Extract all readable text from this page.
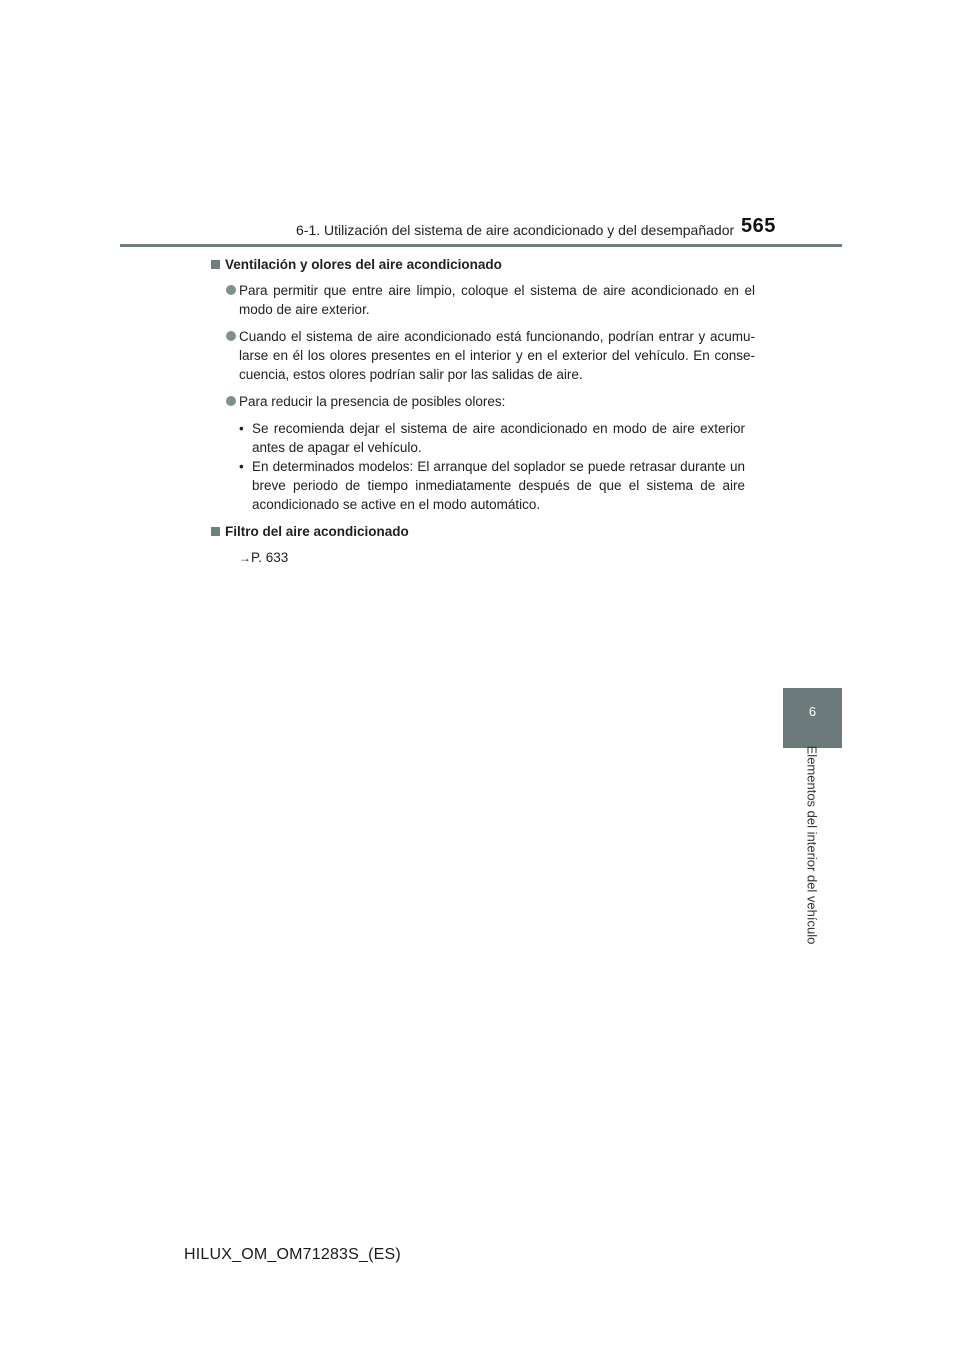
6-1. Utilización del sistema de aire acondicionado y del desempañador 565
6
Elementos del interior del vehículo
Ventilación y olores del aire acondicionado
Para permitir que entre aire limpio, coloque el sistema de aire acondicionado en el modo de aire exterior.
Cuando el sistema de aire acondicionado está funcionando, podrían entrar y acumu-larse en él los olores presentes en el interior y en el exterior del vehículo. En conse-cuencia, estos olores podrían salir por las salidas de aire.
Para reducir la presencia de posibles olores:
• Se recomienda dejar el sistema de aire acondicionado en modo de aire exterior antes de apagar el vehículo.
• En determinados modelos: El arranque del soplador se puede retrasar durante un breve periodo de tiempo inmediatamente después de que el sistema de aire acondicionado se active en el modo automático.
Filtro del aire acondicionado
→P. 633
HILUX_OM_OM71283S_(ES)
